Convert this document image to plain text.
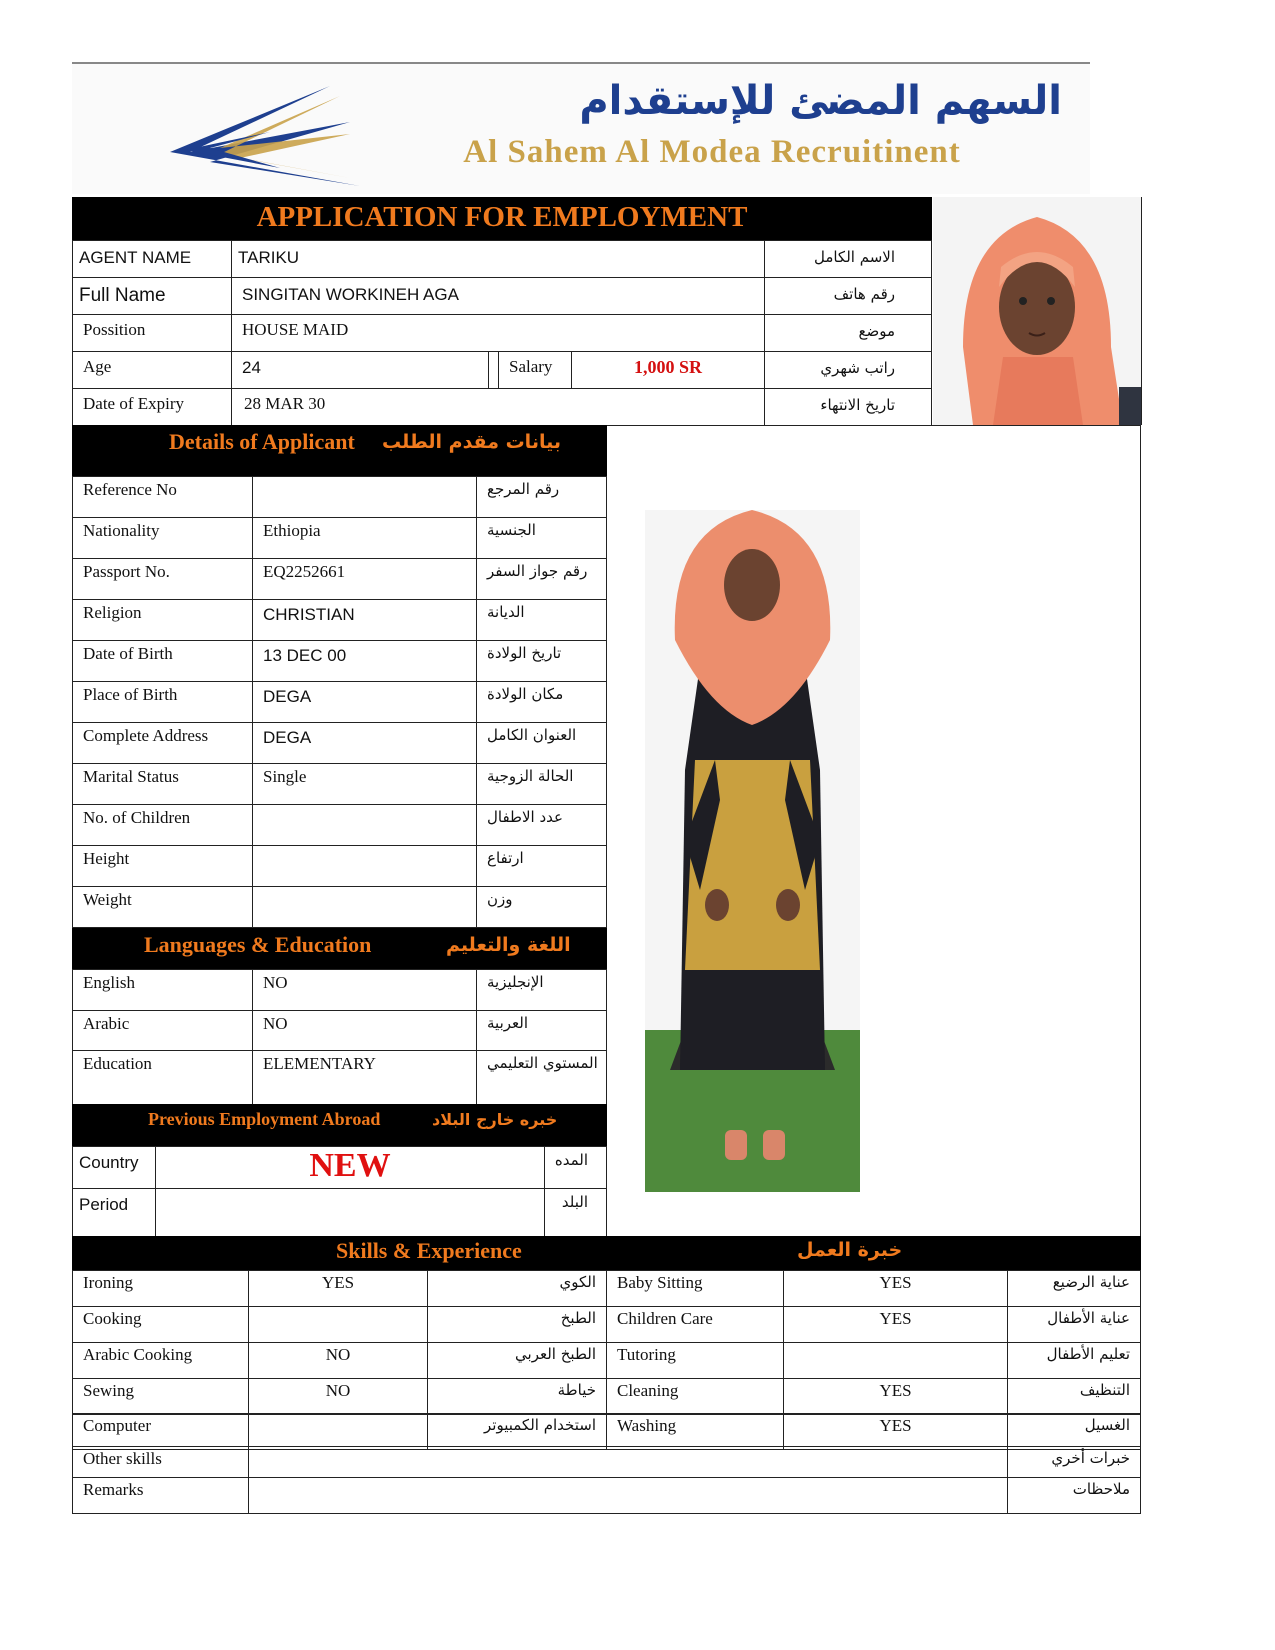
السهم المضئ للإستقدام
Al Sahem Al Modea Recruitinent
APPLICATION FOR EMPLOYMENT
AGENT NAME	TARIKU	الاسم الكامل
Full Name	SINGITAN WORKINEH AGA	رقم هاتف
Possition	HOUSE MAID	موضع
Age	24	Salary	1,000 SR	راتب شهري
Date of Expiry	28 MAR 30	تاريخ الانتهاء
Details of Applicant بيانات مقدم الطلب
Reference No	رقم المرجع
Nationality	Ethiopia	الجنسية
Passport No.	EQ2252661	رقم جواز السفر
Religion	CHRISTIAN	الديانة
Date of Birth	13 DEC 00	تاريخ الولادة
Place of Birth	DEGA	مكان الولادة
Complete Address	DEGA	العنوان الكامل
Marital Status	Single	الحالة الزوجية
No. of Children	عدد الاطفال
Height	ارتفاع
Weight	وزن
Languages & Education	اللغة والتعليم
English	NO	الإنجليزية
Arabic	NO	العربية
Education	ELEMENTARY	المستوي التعليمي
Previous Employment Abroad	خبره خارج البلاد
Country	NEW	المده
Period	البلد
Skills & Experience	خبرة العمل
Ironing	YES	الكوي	Baby Sitting	YES	عناية الرضيع
Cooking	الطبخ	Children Care	YES	عناية الأطفال
Arabic Cooking	NO	الطبخ العربي	Tutoring	تعليم الأطفال
Sewing	NO	خياطة	Cleaning	YES	التنظيف
Computer	استخدام الكمبيوتر	Washing	YES	الغسيل
Other skills	خبرات أخري
Remarks	ملاحظات
